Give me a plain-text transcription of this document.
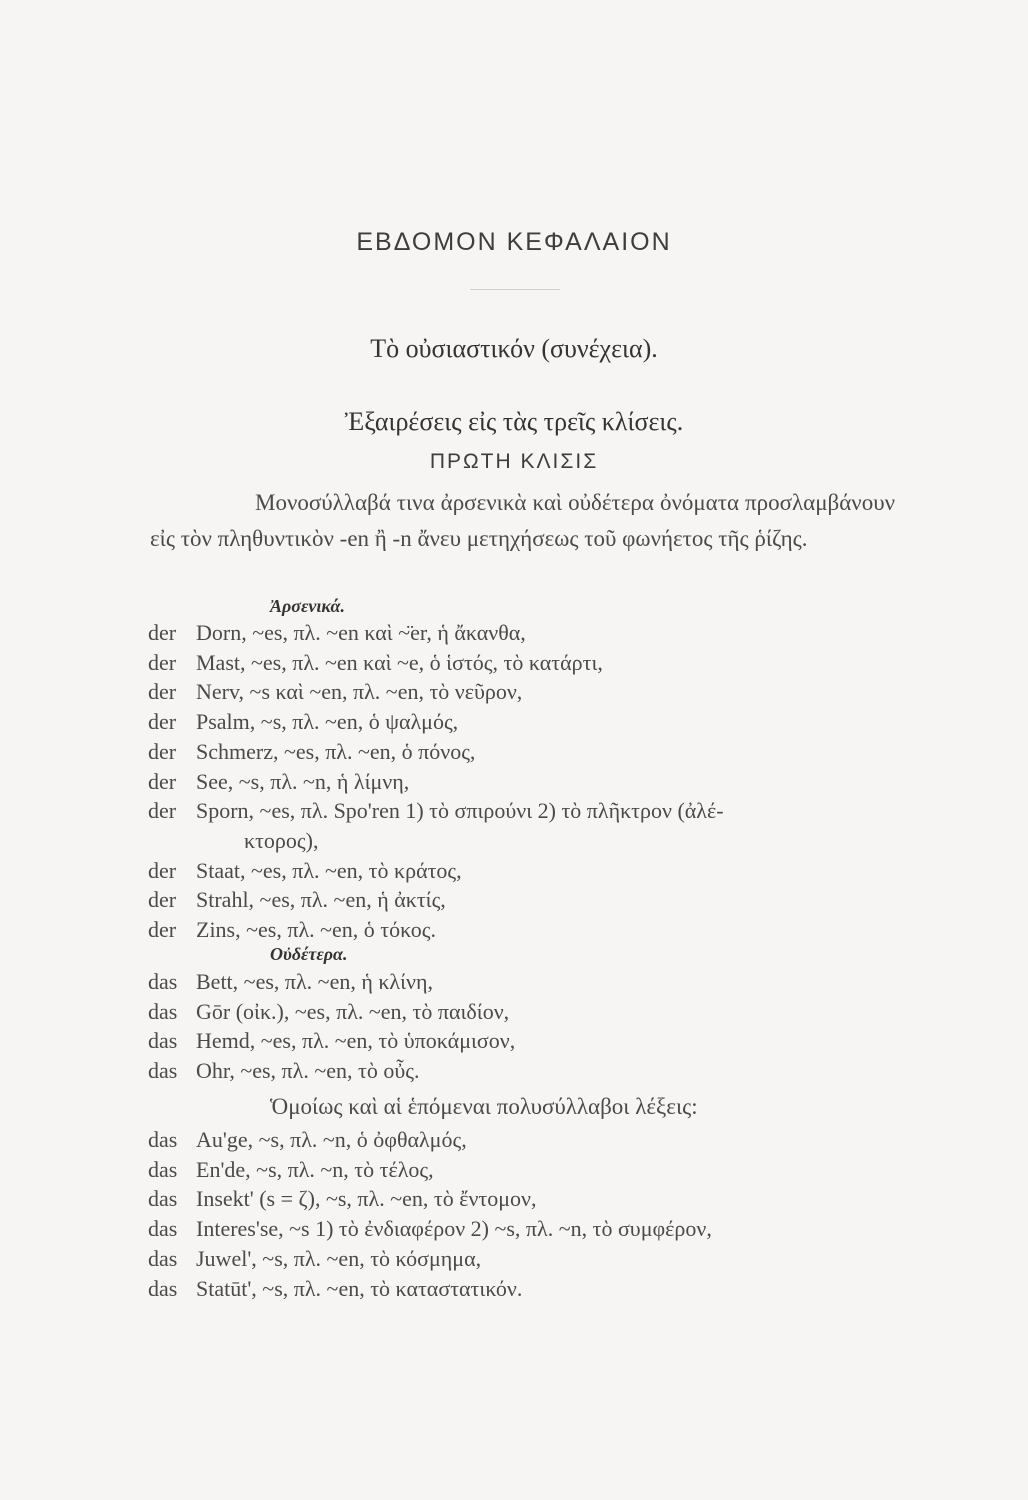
ΕΒΔΟΜΟΝ ΚΕΦΑΛΑΙΟΝ
Τὸ οὐσιαστικόν (συνέχεια).
Ἐξαιρέσεις εἰς τὰς τρεῖς κλίσεις.
ΠΡΩΤΗ ΚΛΙΣΙΣ
Μονοσύλλαβά τινα ἀρσενικὰ καὶ οὐδέτερα ὀνόματα προσλαμβάνουν εἰς τὸν πληθυντικὸν -en ἢ -n ἄνευ μετηχήσεως τοῦ φωνήετος τῆς ῥίζης.
Ἀρσενικά.
der Dorn, ~es, πλ. ~en καὶ ~̈er, ἡ ἄκανθα,
der Mast, ~es, πλ. ~en καὶ ~e, ὁ ἱστός, τὸ κατάρτι,
der Nerv, ~s καὶ ~en, πλ. ~en, τὸ νεῦρον,
der Psalm, ~s, πλ. ~en, ὁ ψαλμός,
der Schmerz, ~es, πλ. ~en, ὁ πόνος,
der See, ~s, πλ. ~n, ἡ λίμνη,
der Sporn, ~es, πλ. Spo'ren 1) τὸ σπιρούνι 2) τὸ πλῆκτρον (ἀλέ-
κτορος),
der Staat, ~es, πλ. ~en, τὸ κράτος,
der Strahl, ~es, πλ. ~en, ἡ ἀκτίς,
der Zins, ~es, πλ. ~en, ὁ τόκος.
Οὐδέτερα.
das Bett, ~es, πλ. ~en, ἡ κλίνη,
das Gōr (οἰκ.), ~es, πλ. ~en, τὸ παιδίον,
das Hemd, ~es, πλ. ~en, τὸ ὑποκάμισον,
das Ohr, ~es, πλ. ~en, τὸ οὖς.
Ὁμοίως καὶ αἱ ἑπόμεναι πολυσύλλαβοι λέξεις:
das Au'ge, ~s, πλ. ~n, ὁ ὀφθαλμός,
das En'de, ~s, πλ. ~n, τὸ τέλος,
das Insekt' (s = ζ), ~s, πλ. ~en, τὸ ἔντομον,
das Interes'se, ~s 1) τὸ ἐνδιαφέρον 2) ~s, πλ. ~n, τὸ συμφέρον,
das Juwel', ~s, πλ. ~en, τὸ κόσμημα,
das Statūt', ~s, πλ. ~en, τὸ καταστατικόν.
